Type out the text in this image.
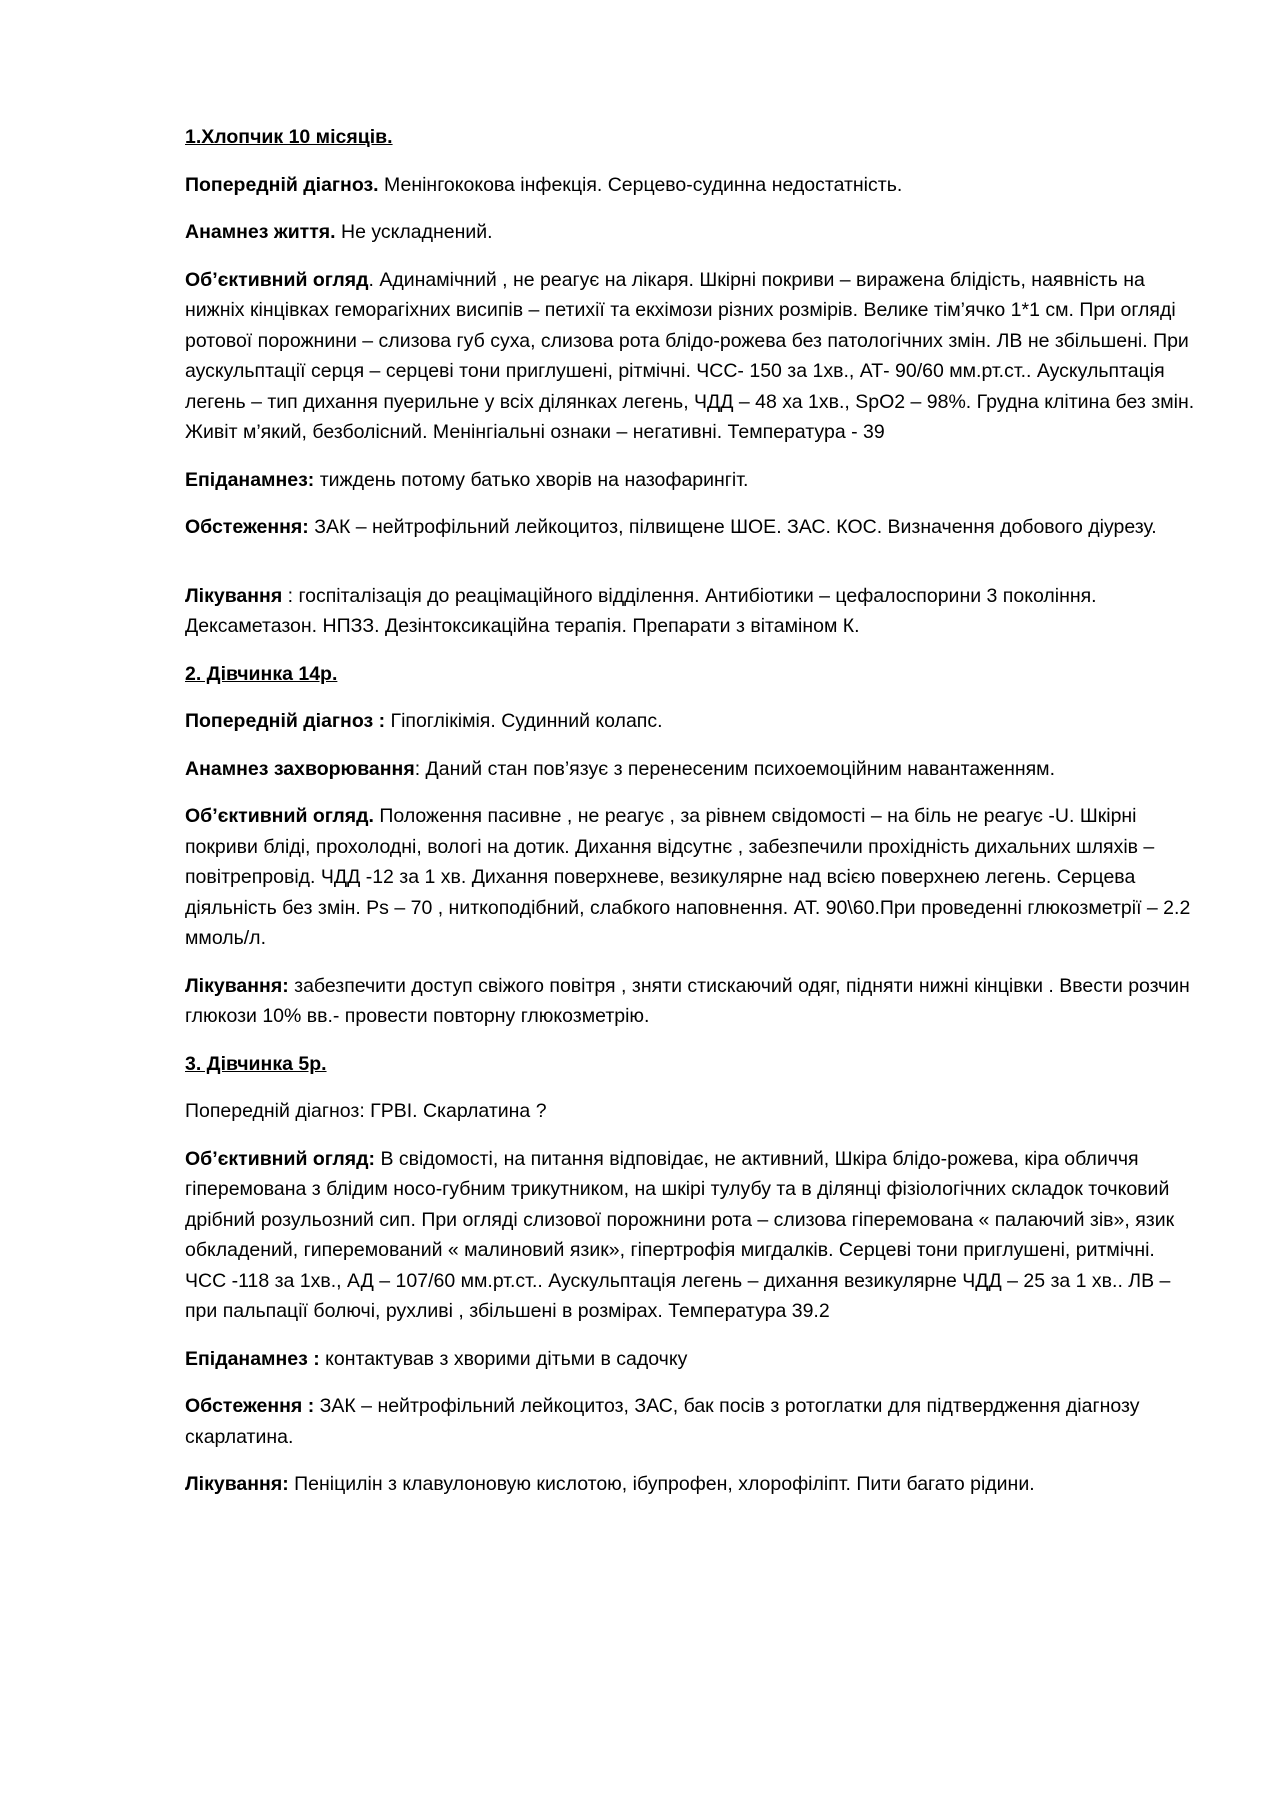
1.Хлопчик 10 місяців.

Попередній діагноз. Менінгококова інфекція. Серцево-судинна недостатність.

Анамнез життя. Не ускладнений.

Об’єктивний огляд. Адинамічний , не реагує на лікаря. Шкірні покриви – виражена блідість, наявність на нижніх кінцівках геморагіхних висипів – петихії та екхімози різних розмірів. Велике тім’ячко 1*1 см. При огляді ротової порожнини – слизова губ суха, слизова рота блідо-рожева без патологічних змін. ЛВ не збільшені. При аускульптації серця – серцеві тони приглушені, рітмічні. ЧСС- 150 за 1хв., АТ- 90/60 мм.рт.ст.. Аускульптація легень – тип дихання пуерильне у всіх ділянках легень, ЧДД – 48 ха 1хв., SpO2 – 98%. Грудна клітина без змін. Живіт м’який, безболісний. Менінгіальні ознаки – негативні. Температура - 39

Епіданамнез: тиждень потому батько хворів на назофарингіт.

Обстеження: ЗАК – нейтрофільний лейкоцитоз, пілвищене ШОЕ. ЗАС. КОС. Визначення добового діурезу.

Лікування : госпіталізація до реацімаційного відділення. Антибіотики – цефалоспорини 3 покоління. Дексаметазон. НПЗЗ. Дезінтоксикаційна терапія. Препарати з вітаміном К.

2. Дівчинка 14р.

Попередній діагноз : Гіпоглікімія. Судинний колапс.

Анамнез захворювання: Даний стан пов’язує з перенесеним психоемоційним навантаженням.

Об’єктивний огляд. Положення пасивне , не реагує , за рівнем свідомості – на біль не реагує -U. Шкірні покриви бліді, прохолодні, вологі на дотик. Дихання відсутнє , забезпечили прохідність дихальних шляхів – повітрепровід. ЧДД -12 за 1 хв. Дихання поверхневе, везикулярне над всією поверхнею легень. Серцева діяльність без змін. Ps – 70 , ниткоподібний, слабкого наповнення. АТ. 90\60.При проведенні глюкозметрії – 2.2 ммоль/л.

Лікування: забезпечити доступ свіжого повітря , зняти стискаючий одяг, підняти нижні кінцівки . Ввести розчин глюкози 10% вв.- провести повторну глюкозметрію.

3. Дівчинка 5р.

Попередній діагноз: ГРВІ. Скарлатина ?

Об’єктивний огляд: В свідомості, на питання відповідає, не активний, Шкіра блідо-рожева, кіра обличчя гіперемована з блідим носо-губним трикутником, на шкірі тулубу та в ділянці фізіологічних складок точковий дрібний розульозний сип. При огляді слизової порожнини рота – слизова гіперемована « палаючий зів», язик обкладений, гиперемований « малиновий язик», гіпертрофія мигдалків. Серцеві тони приглушені, ритмічні. ЧСС -118 за 1хв., АД – 107/60 мм.рт.ст.. Аускульптація легень – дихання везикулярне ЧДД – 25 за 1 хв.. ЛВ – при пальпації болючі, рухливі , збільшені в розмірах. Температура 39.2

Епіданамнез : контактував з хворими дітьми в садочку

Обстеження : ЗАК – нейтрофільний лейкоцитоз, ЗАС, бак посів з ротоглатки для підтвердження діагнозу скарлатина.

Лікування: Пеніцилін з клавулоновую кислотою, ібупрофен, хлорофіліпт. Пити багато рідини.
